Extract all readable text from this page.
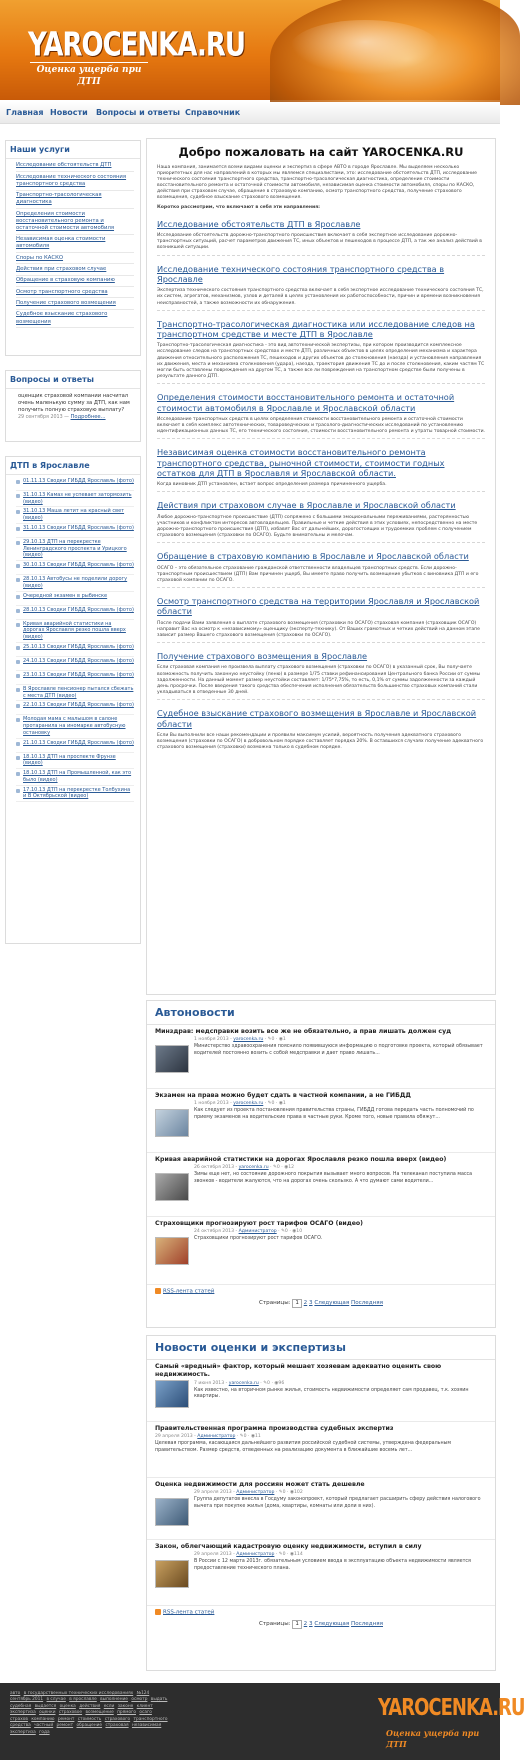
YAROCENKA.RU
Оценка ущерба при ДТП
Главная Новости Вопросы и ответы Справочник
Наши услуги
Исследование обстоятельств ДТП
Исследование технического состояния транспортного средства
Транспортно-трасологическая диагностика
Определения стоимости восстановительного ремонта и остаточной стоимости автомобиля
Независимая оценка стоимости автомобиля
Споры по КАСКО
Действия при страховом случае
Обращение в страховую компанию
Осмотр транспортного средства
Получение страхового возмещения
Судебное взыскание страхового возмещения
Вопросы и ответы
оценщик страховой компании насчитал очень маленькую сумму за ДТП, как нам получить полную страховую выплату?
29 сентября 2013 — Подробнее...
ДТП в Ярославле
01.11.13 Сводки ГИБДД Ярославль (фото)
31.10.13 Камаз не успевает затормозить (видео)
31.10.13 Маша летит на красный свет (видео)
31.10.13 Сводки ГИБДД Ярославль (фото)
29.10.13 ДТП на перекрестке Ленинградского проспекта и Урицкого (видео)
30.10.13 Сводки ГИБДД Ярославль (фото)
28.10.13 Автобусы не поделили дорогу (видео)
Очередной экзамен в рыбинске
28.10.13 Сводки ГИБДД Ярославль (фото)
Кривая аварийной статистики на дорогах Ярославля резко пошла вверх (видео)
25.10.13 Сводки ГИБДД Ярославль (фото)
24.10.13 Сводки ГИБДД Ярославль (фото)
23.10.13 Сводки ГИБДД Ярославль (фото)
В Ярославле пенсионер пытался сбежать с места ДТП (видео)
22.10.13 Сводки ГИБДД Ярославль (фото)
Молодая мама с малышом в салоне протаранила на иномарке автобусную остановку
21.10.13 Сводки ГИБДД Ярославль (фото)
18.10.13 ДТП на проспекте Фрунзе (видео)
18.10.13 ДТП на Промышленной, как это было (видео)
17.10.13 ДТП на перекрестке Толбухина и В Октябрьской (видео)
Добро пожаловать на сайт YAROCENKA.RU

Наша компания, занимается всеми видами оценки и экспертиз в сфере АВТО в городе Ярославле. Мы выделяем несколько приоритетных для нас направлений в которых мы являемся специалистами, это: исследование обстоятельств ДТП, исследование технического состояния транспортного средства, транспортно-трасологическая диагностика, определение стоимости восстановительного ремонта и остаточной стоимости автомобиля, независимая оценка стоимости автомобиля, споры по КАСКО, действия при страховом случае, обращение в страховую компанию, осмотр транспортного средства, получение страхового возмещения, судебное взыскание страхового возмещения.

Коротко рассмотрим, что включают в себя эти направления:

Исследование обстоятельств ДТП в Ярославле

Исследование обстоятельств дорожно-транспортного происшествия включает в себя экспертное исследование дорожно-транспортных ситуаций, расчет параметров движения ТС, иных объектов и пешеходов в процессе ДТП, а так же анализ действий в возникшей ситуации.

Исследование технического состояния транспортного средства в Ярославле

Экспертиза технического состояния транспортного средства включает в себя экспертное исследование технического состояния ТС, их систем, агрегатов, механизмов, узлов и деталей в целях установления их работоспособности, причин и времени возникновения неисправностей, а также возможности их обнаружения.

Транспортно-трасологическая диагностика или исследование следов на транспортном средстве и месте ДТП в Ярославле

Транспортно-трасологическая диагностика - это вид автотехнической экспертизы, при котором производится комплексное исследование следов на транспортных средствах и месте ДТП, различных объектов в целях определения механизма и характера движения относительного расположения ТС, пешеходов и других объектов до столкновения (наезда) и установления направления их движения, места и механизма столкновения (удара), наезда, траектория движения ТС до и после столкновения, каким частям ТС могли быть оставлены повреждения на другом ТС, а также все ли повреждения на транспортном средстве были получены в результате данного ДТП.

Определения стоимости восстановительного ремонта и остаточной стоимости автомобиля в Ярославле и Ярославской области

Исследование транспортных средств в целях определения стоимости восстановительного ремонта и остаточной стоимости включает в себя комплекс автотехнических, товароведческих и трасолого-диагностических исследований по установлению идентификационных данных ТС, его технического состояния, стоимости восстановительного ремонта и утраты товарной стоимости.

Независимая оценка стоимости восстановительного ремонта транспортного средства, рыночной стоимости, стоимости годных остатков для ДТП в Ярославля и Ярославской области.

Когда виновник ДТП установлен, встает вопрос определения размера причиненного ущерба.

Действия при страховом случае в Ярославле и Ярославской области

Любое дорожно-транспортное происшествие (ДТП) сопряжено с большими эмоциональными переживаниями, растерянностью участников и конфликтом интересов автовладельцев. Правильные и четкие действия в этих условиях, непосредственно на месте дорожно-транспортного происшествия (ДТП), избавят Вас от дальнейших, дорогостоящих и трудоемких проблем с получением страхового возмещения (страховки по ОСАГО). Будьте внимательны и мелочам.

Обращение в страховую компанию в Ярославле и Ярославской области

ОСАГО – это обязательное страхование гражданской ответственности владельцев транспортных средств. Если дорожно-транспортным происшествием (ДТП) Вам причинен ущерб, Вы имеете право получить возмещение убытков с виновника ДТП и его страховой компании по ОСАГО.

Осмотр транспортного средства на территории Ярославля и Ярославской области

После подачи Вами заявления о выплате страхового возмещения (страховки по ОСАГО) страховая компания (страховщик ОСАГО) направит Вас на осмотр к «независимому» оценщику (эксперту-технику). От Ваших грамотных и четких действий на данном этапе зависит размер Вашего страхового возмещения (страховки по ОСАГО).

Получение страхового возмещения в Ярославле

Если страховая компания не произвела выплату страхового возмещения (страховки по ОСАГО) в указанный срок, Вы получаете возможность получить законную неустойку (пеню) в размере 1/75 ставки рефинансирования Центрального банка России от суммы задолженности. На данный момент размер неустойки составляет: 1/75*7,75%, то есть, 0,1% от суммы задолженности за каждый день просрочки. После введения такого средства обеспечения исполнения обязательств большинство страховых компаний стали укладываться в отведенные 30 дней.

Судебное взыскание страхового возмещения в Ярославле и Ярославской области

Если Вы выполнили все наши рекомендации и проявили максимум усилий, вероятность получения адекватного страхового возмещения (страховки по ОСАГО) в добровольном порядке составляет порядка 20%. В оставшихся случаях получение адекватного страхового возмещения (страховки) возможна только в судебном порядке.

Автоновости
Минздрав: медсправки возить все же не обязательно, а прав лишать должен суд
1 ноября 2013 - yarocenka.ru · ✎0 · ◉1
Министерство здравоохранения пояснило появившуюся информацию о подготовке проекта, который обязывает водителей постоянно возить с собой медсправки и дает право лишать...
Экзамен на права можно будет сдать в частной компании, а не ГИБДД
1 ноября 2013 - yarocenka.ru · ✎0 · ◉1
Как следует из проекта постановления правительства страны, ГИБДД готова передать часть полномочий по приему экзаменов на водительские права в частные руки. Кроме того, новые правила обяжут...
Кривая аварийной статистики на дорогах Ярославля резко пошла вверх (видео)
26 октября 2013 - yarocenka.ru · ✎0 · ◉12
Зимы еще нет, но состояние дорожного покрытия вызывает много вопросов. На телеканал поступила масса звонков - водители жалуются, что на дорогах очень скользко. А что думают сами водители...
Страховщики прогнозируют рост тарифов ОСАГО (видео)
24 октября 2013 - Администратор · ✎0 · ◉10
Страховщики прогнозируют рост тарифов ОСАГО.
RSS-лента статей
Страницы: 1 2 3 Следующая Последняя
Новости оценки и экспертизы
Самый «вредный» фактор, который мешает хозяевам адекватно оценить свою недвижимость.
7 июня 2013 - yarocenka.ru · ✎0 · ◉96
Как известно, на вторичном рынке жилья, стоимость недвижимости определяет сам продавец, т.к. хозяин квартиры.
Правительственная программа производства судебных экспертиз
29 апреля 2013 - Администратор · ✎0 · ◉11
Целевая программа, касающаяся дальнейшего развития российской судебной системы, утверждена федеральным правительством. Размер средств, отведенных на реализацию документа в ближайшие восемь лет...
Оценка недвижимости для россиян может стать дешевле
29 апреля 2013 - Администратор · ✎0 · ◉102
Группа депутатов внесла в Госдуму законопроект, который предлагает расширить сферу действия налогового вычета при покупке жилья (дома, квартиры, комнаты или доли в них).
Закон, облегчающий кадастровую оценку недвижимости, вступил в силу
29 апреля 2013 - Администратор · ✎0 · ◉114
В России с 12 марта 2013г. обязательным условием ввода в эксплуатацию объекта недвижимости является предоставление технического плана.
RSS-лента статей
Страницы: 1 2 3 Следующая Последняя
авто в государственных технических исследованиях №124 сентябрь 2011 в случае в ярославле выполнение осмотр выдать судебная выдается оценка действия если законе клиент экспертиза оценки страховое возмещение прямого осаго страхов компанию ремонт стоимость страхового транспортного средства частный ремонт обращение страховая независимая экспертиза года
YAROCENKA.RU
Оценка ущерба при ДТП
